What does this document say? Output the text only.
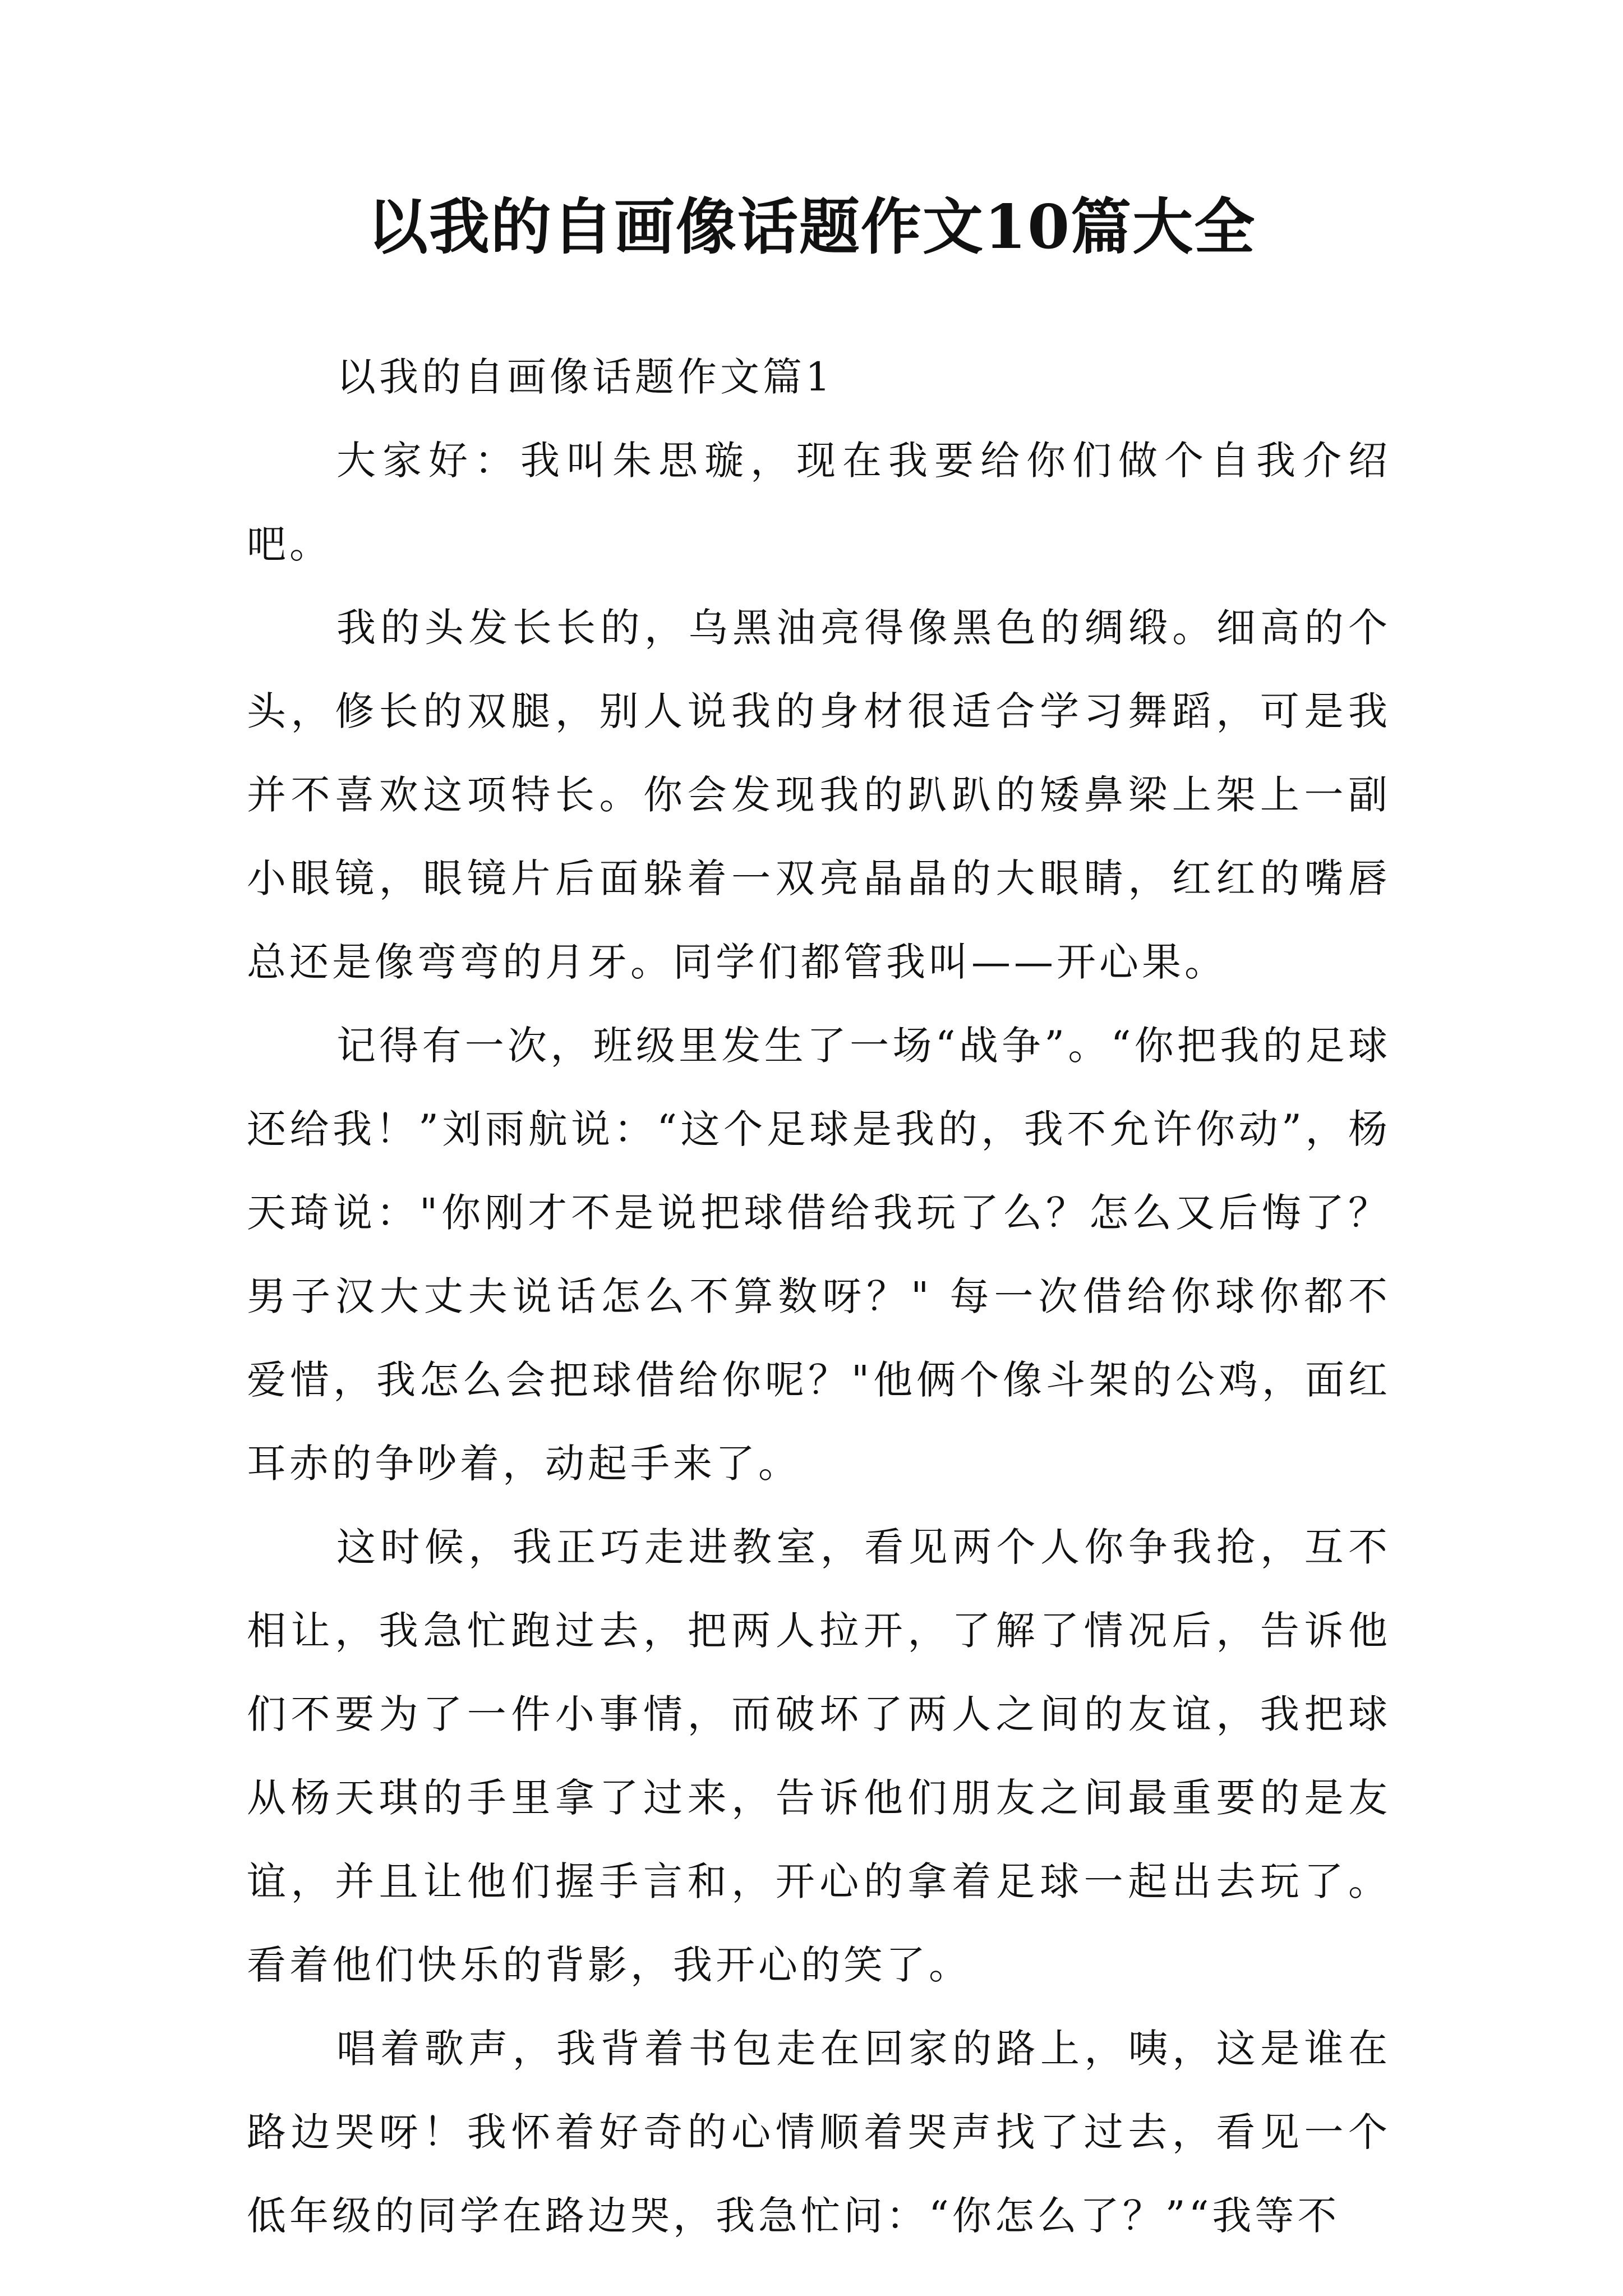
以我的自画像话题作文10篇大全

以我的自画像话题作文篇1

大家好：我叫朱思璇，现在我要给你们做个自我介绍吧。

我的头发长长的，乌黑油亮得像黑色的绸缎。细高的个头，修长的双腿，别人说我的身材很适合学习舞蹈，可是我并不喜欢这项特长。你会发现我的趴趴的矮鼻梁上架上一副小眼镜，眼镜片后面躲着一双亮晶晶的大眼睛，红红的嘴唇总还是像弯弯的月牙。同学们都管我叫——开心果。

记得有一次，班级里发生了一场“战争”。“你把我的足球还给我！”刘雨航说：“这个足球是我的，我不允许你动”，杨天琦说："你刚才不是说把球借给我玩了么？怎么又后悔了？男子汉大丈夫说话怎么不算数呀？" 每一次借给你球你都不爱惜，我怎么会把球借给你呢？"他俩个像斗架的公鸡，面红耳赤的争吵着，动起手来了。

这时候，我正巧走进教室，看见两个人你争我抢，互不相让，我急忙跑过去，把两人拉开，了解了情况后，告诉他们不要为了一件小事情，而破坏了两人之间的友谊，我把球从杨天琪的手里拿了过来，告诉他们朋友之间最重要的是友谊，并且让他们握手言和，开心的拿着足球一起出去玩了。看着他们快乐的背影，我开心的笑了。

唱着歌声，我背着书包走在回家的路上，咦，这是谁在路边哭呀！我怀着好奇的心情顺着哭声找了过去，看见一个低年级的同学在路边哭，我急忙问：“你怎么了？”“我等不
